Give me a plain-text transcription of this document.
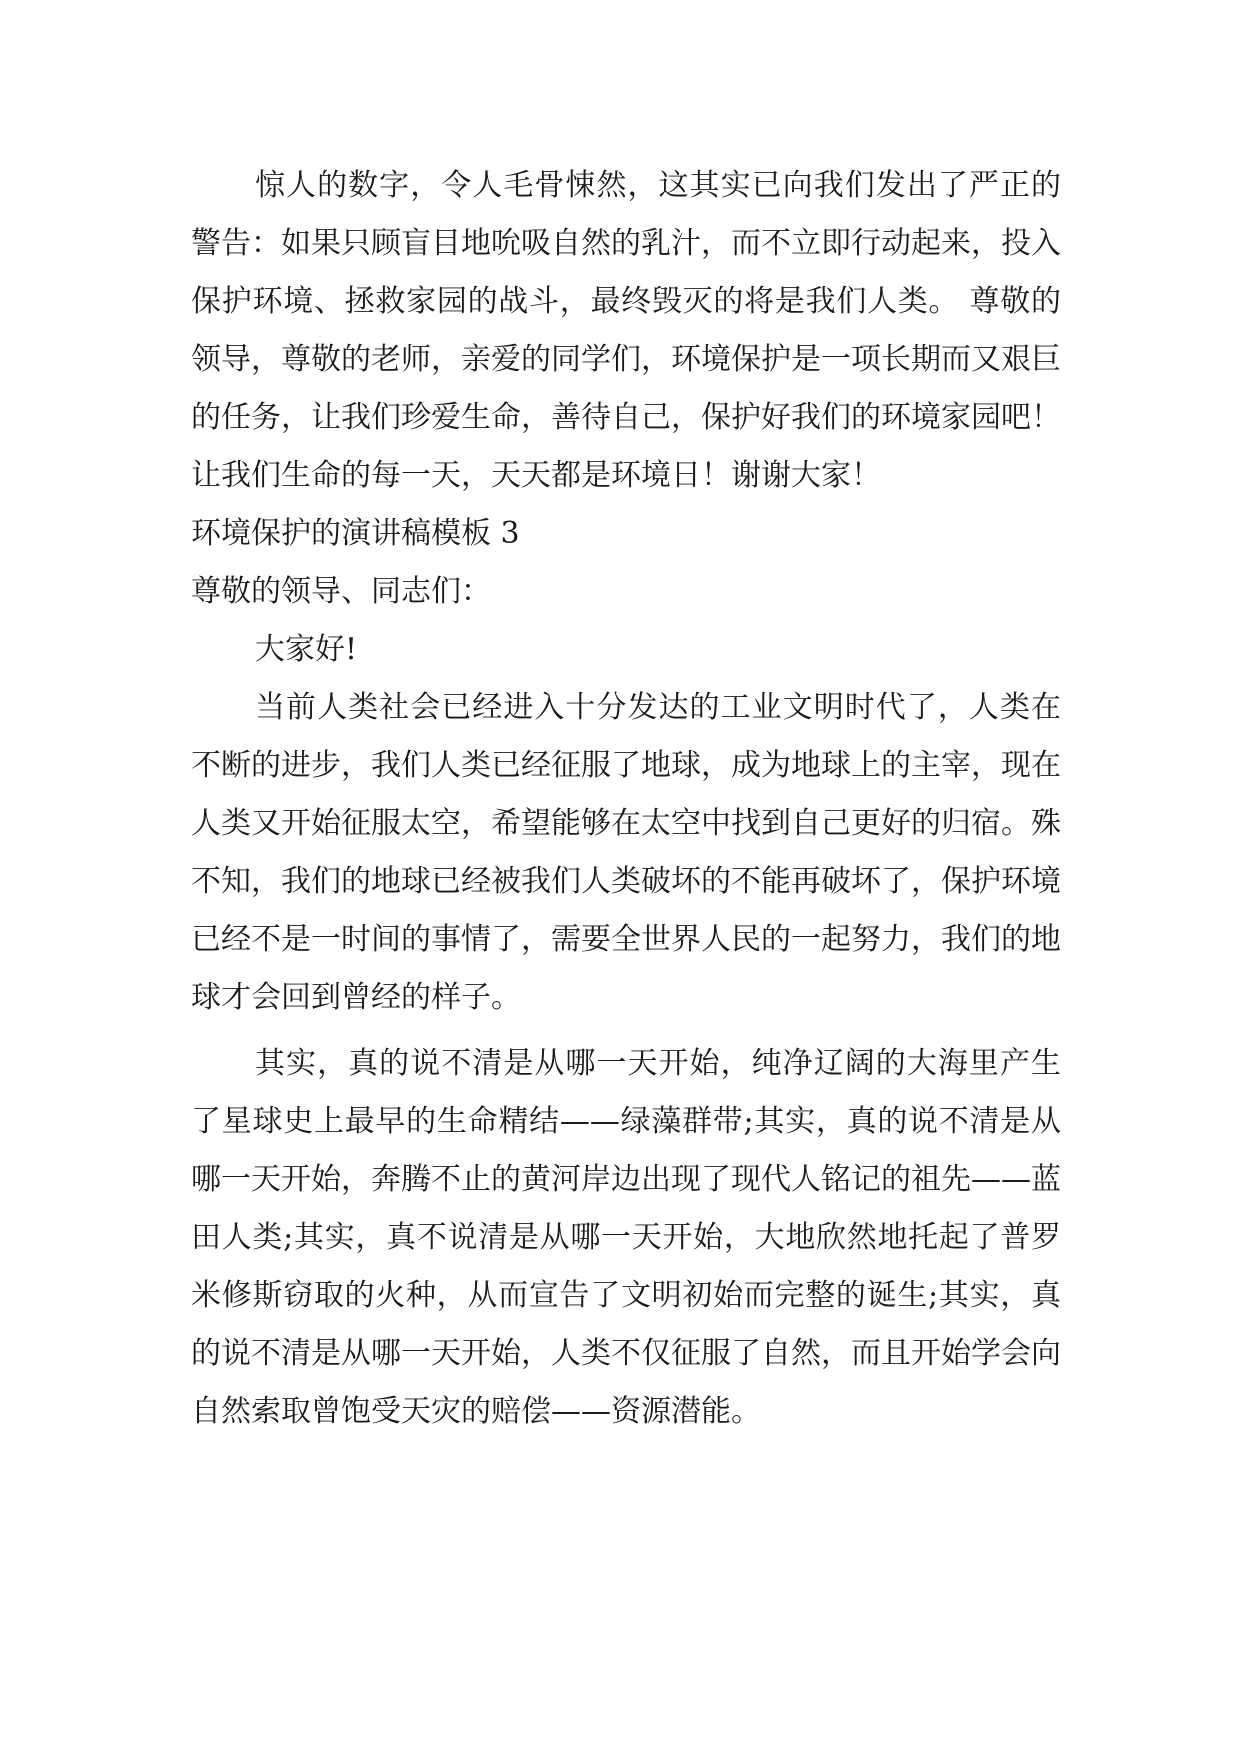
惊人的数字，令人毛骨悚然，这其实已向我们发出了严正的警告：如果只顾盲目地吮吸自然的乳汁，而不立即行动起来，投入保护环境、拯救家园的战斗，最终毁灭的将是我们人类。 尊敬的领导，尊敬的老师，亲爱的同学们，环境保护是一项长期而又艰巨的任务，让我们珍爱生命，善待自己，保护好我们的环境家园吧！让我们生命的每一天，天天都是环境日！谢谢大家！

环境保护的演讲稿模板 3

尊敬的领导、同志们：

大家好!

当前人类社会已经进入十分发达的工业文明时代了，人类在不断的进步，我们人类已经征服了地球，成为地球上的主宰，现在人类又开始征服太空，希望能够在太空中找到自己更好的归宿。殊不知，我们的地球已经被我们人类破坏的不能再破坏了，保护环境已经不是一时间的事情了，需要全世界人民的一起努力，我们的地球才会回到曾经的样子。

其实，真的说不清是从哪一天开始，纯净辽阔的大海里产生了星球史上最早的生命精结——绿藻群带;其实，真的说不清是从哪一天开始，奔腾不止的黄河岸边出现了现代人铭记的祖先——蓝田人类;其实，真不说清是从哪一天开始，大地欣然地托起了普罗米修斯窃取的火种，从而宣告了文明初始而完整的诞生;其实，真的说不清是从哪一天开始，人类不仅征服了自然，而且开始学会向自然索取曾饱受天灾的赔偿——资源潜能。
